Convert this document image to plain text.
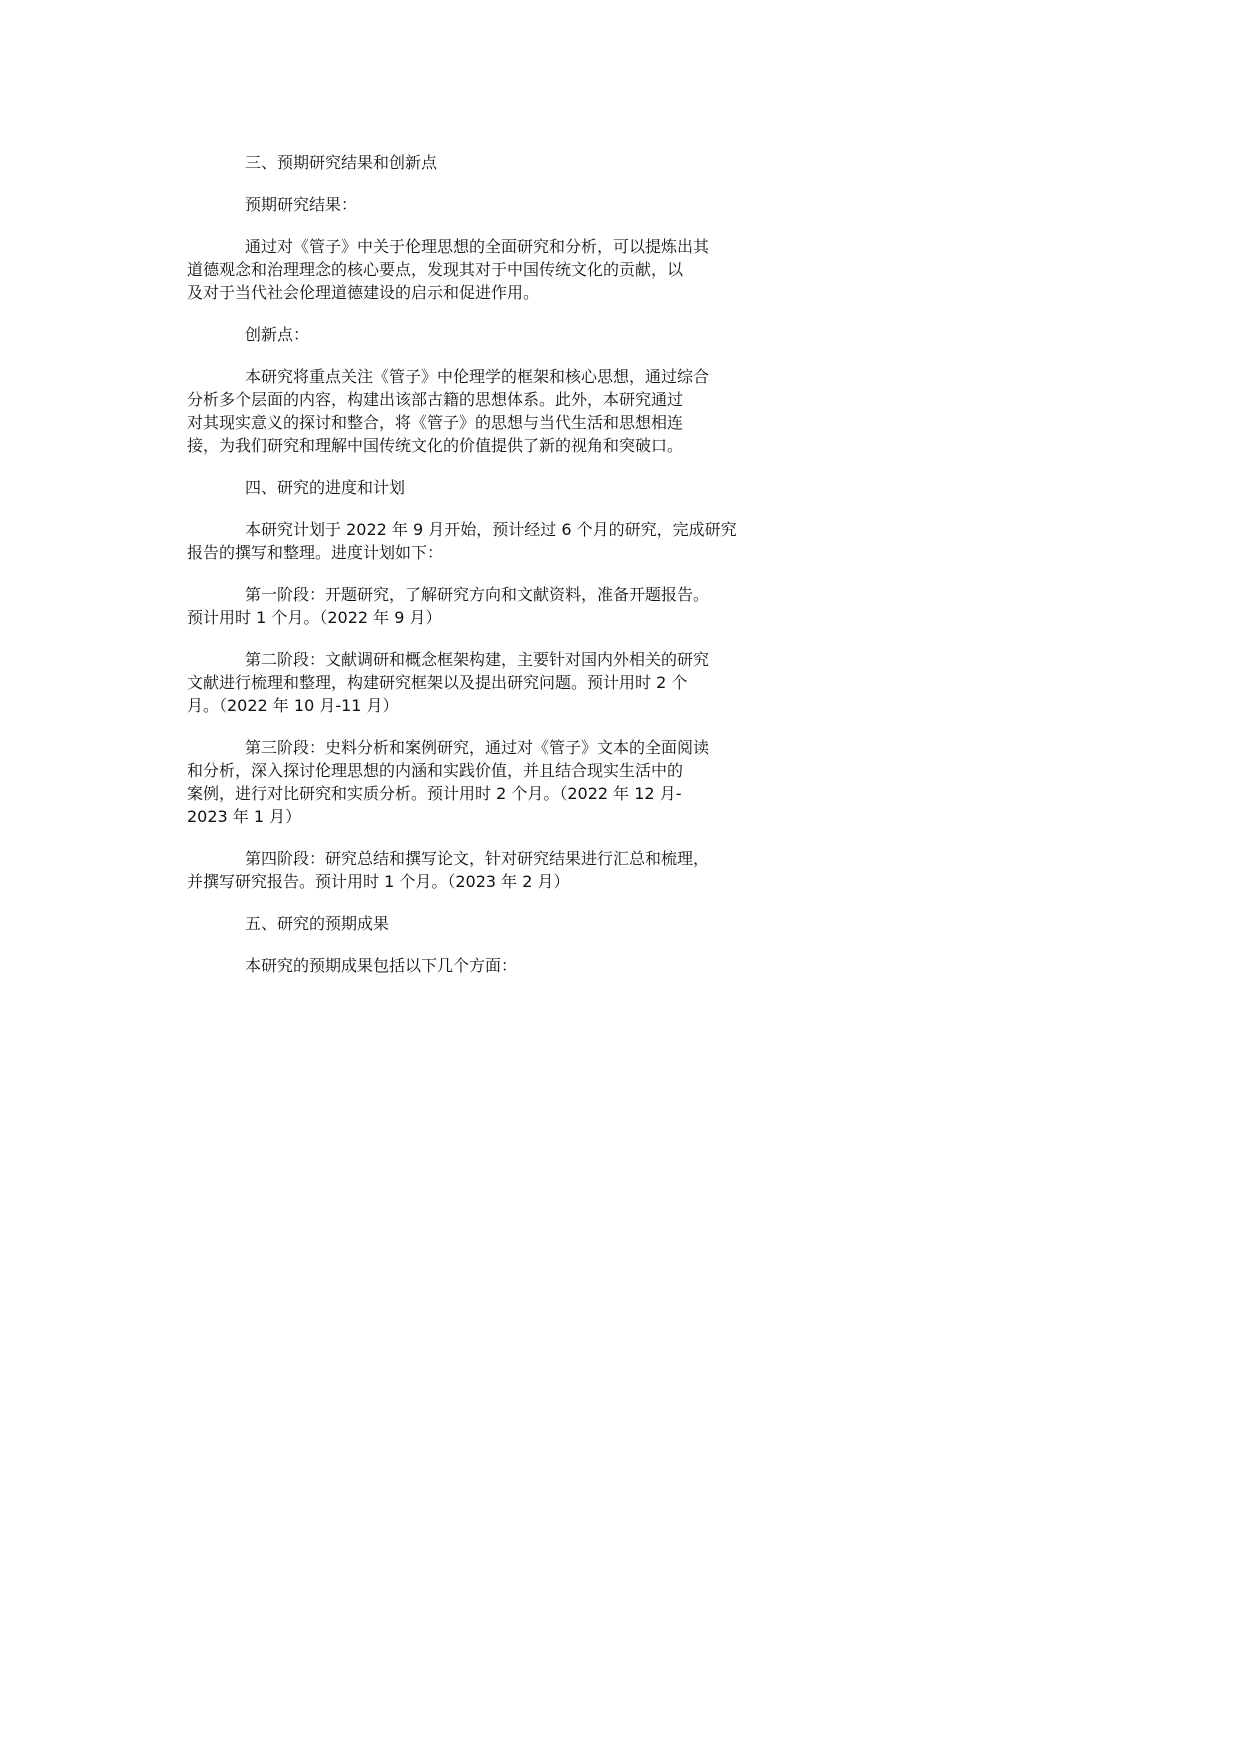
三、预期研究结果和创新点
预期研究结果：
通过对《管子》中关于伦理思想的全面研究和分析，可以提炼出其
道德观念和治理理念的核心要点，发现其对于中国传统文化的贡献，以
及对于当代社会伦理道德建设的启示和促进作用。
创新点：
本研究将重点关注《管子》中伦理学的框架和核心思想，通过综合
分析多个层面的内容，构建出该部古籍的思想体系。此外，本研究通过
对其现实意义的探讨和整合，将《管子》的思想与当代生活和思想相连
接，为我们研究和理解中国传统文化的价值提供了新的视角和突破口。
四、研究的进度和计划
本研究计划于 2022 年 9 月开始，预计经过 6 个月的研究，完成研究
报告的撰写和整理。进度计划如下：
第一阶段：开题研究，了解研究方向和文献资料，准备开题报告。
预计用时 1 个月。（2022 年 9 月）
第二阶段：文献调研和概念框架构建，主要针对国内外相关的研究
文献进行梳理和整理，构建研究框架以及提出研究问题。预计用时 2 个
月。（2022 年 10 月-11 月）
第三阶段：史料分析和案例研究，通过对《管子》文本的全面阅读
和分析，深入探讨伦理思想的内涵和实践价值，并且结合现实生活中的
案例，进行对比研究和实质分析。预计用时 2 个月。（2022 年 12 月-
2023 年 1 月）
第四阶段：研究总结和撰写论文，针对研究结果进行汇总和梳理，
并撰写研究报告。预计用时 1 个月。（2023 年 2 月）
五、研究的预期成果
本研究的预期成果包括以下几个方面：
